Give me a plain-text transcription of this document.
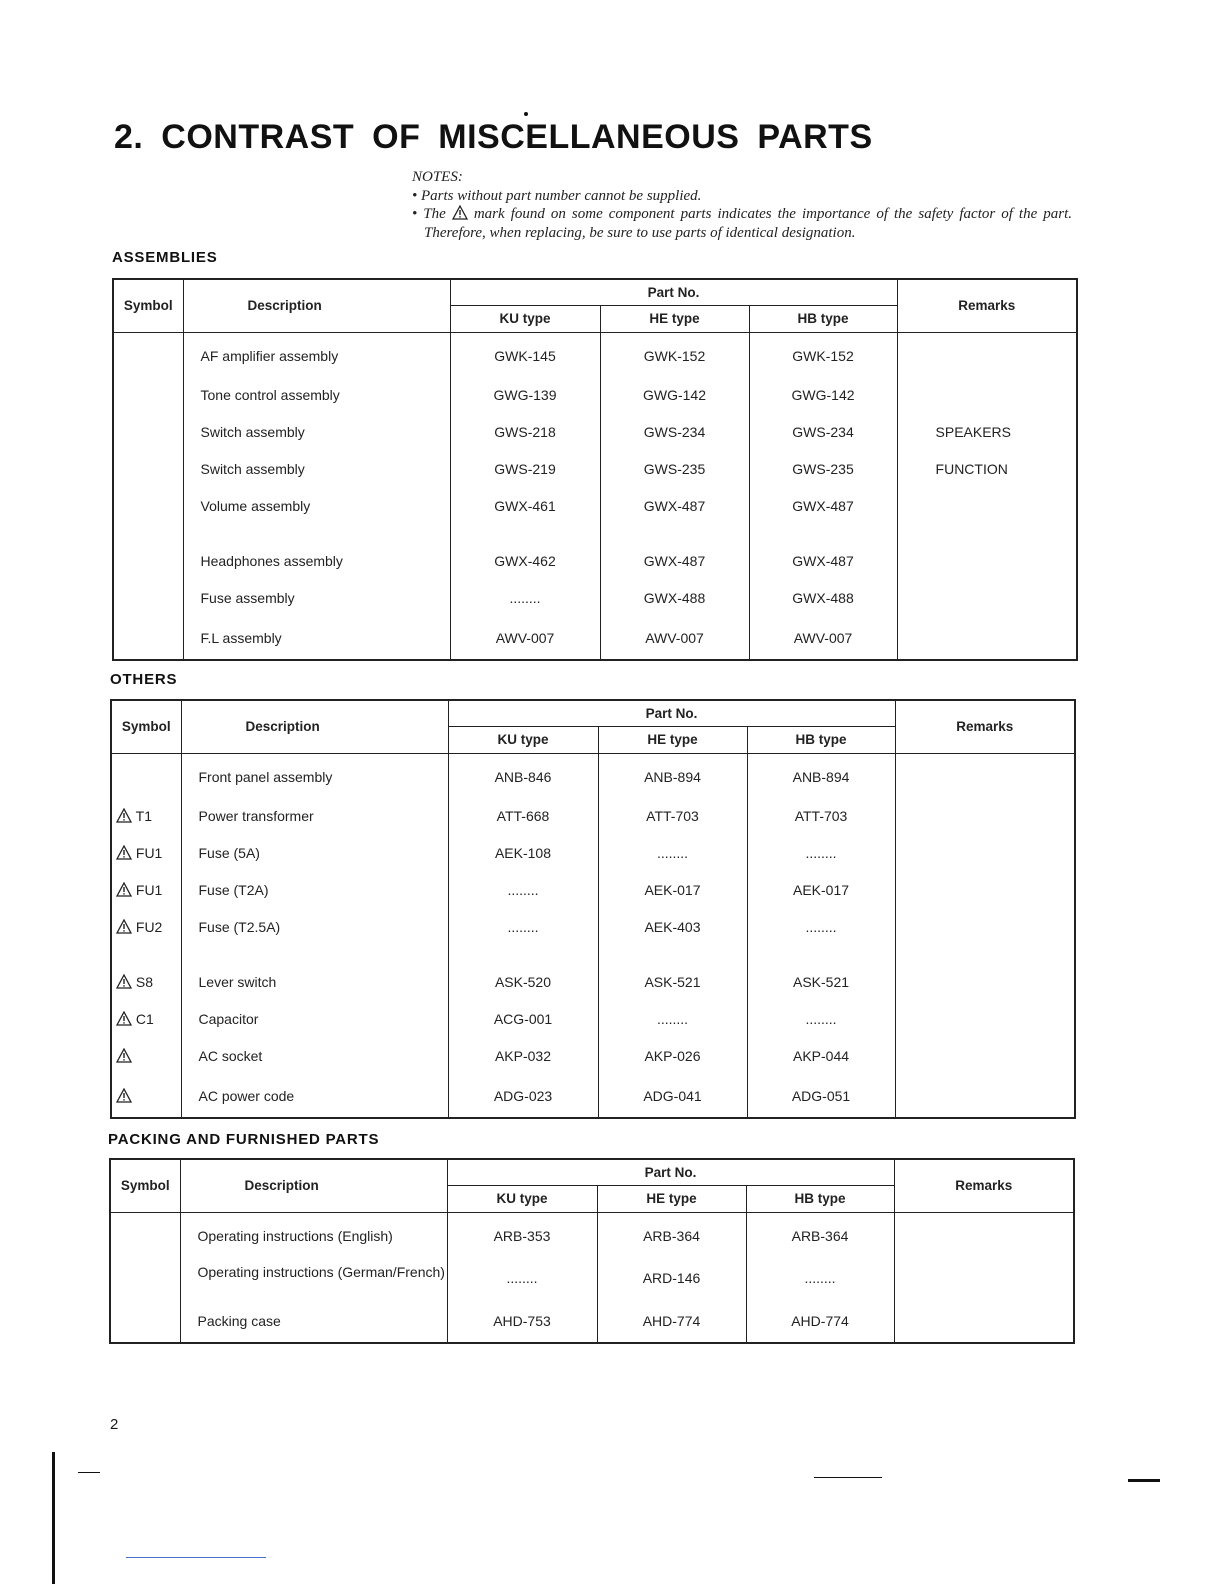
2. CONTRAST OF MISCELLANEOUS PARTS
NOTES:
• Parts without part number cannot be supplied.
• The mark found on some component parts indicates the importance of the safety factor of the part. Therefore, when replacing, be sure to use parts of identical designation.
ASSEMBLIES
Symbol	Description	Part No.			Remarks
		KU type	HE type	HB type	
	AF amplifier assembly	GWK-145	GWK-152	GWK-152	
	Tone control assembly	GWG-139	GWG-142	GWG-142	
	Switch assembly	GWS-218	GWS-234	GWS-234	SPEAKERS
	Switch assembly	GWS-219	GWS-235	GWS-235	FUNCTION
	Volume assembly	GWX-461	GWX-487	GWX-487	

	Headphones assembly	GWX-462	GWX-487	GWX-487	
	Fuse assembly	........	GWX-488	GWX-488	
	F.L assembly	AWV-007	AWV-007	AWV-007	
OTHERS
Symbol	Description	Part No.			Remarks
		KU type	HE type	HB type	
	Front panel assembly	ANB-846	ANB-894	ANB-894	
T1	Power transformer	ATT-668	ATT-703	ATT-703	
FU1	Fuse (5A)	AEK-108	........	........	
FU1	Fuse (T2A)	........	AEK-017	AEK-017	
FU2	Fuse (T2.5A)	........	AEK-403	........	

S8	Lever switch	ASK-520	ASK-521	ASK-521	
C1	Capacitor	ACG-001	........	........	
	AC socket	AKP-032	AKP-026	AKP-044	
	AC power code	ADG-023	ADG-041	ADG-051	
PACKING AND FURNISHED PARTS
Symbol	Description	Part No.			Remarks
		KU type	HE type	HB type	
	Operating instructions (English)	ARB-353	ARB-364	ARB-364	
	Operating instructions (German/French)	........	ARD-146	........	
	Packing case	AHD-753	AHD-774	AHD-774	
2
